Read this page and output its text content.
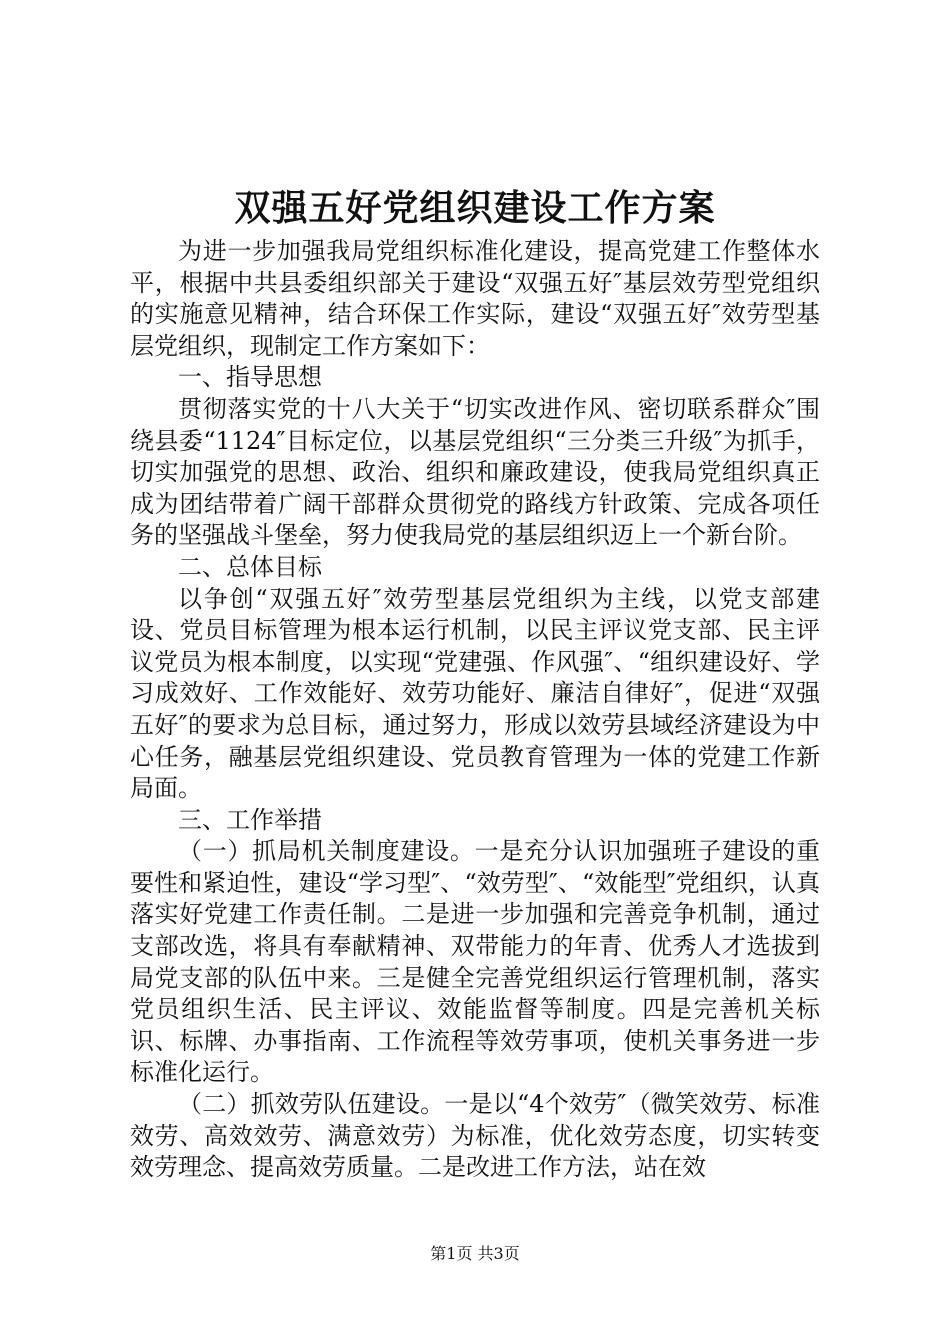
双强五好党组织建设工作方案

为进一步加强我局党组织标准化建设，提高党建工作整体水平，根据中共县委组织部关于建设“双强五好″基层效劳型党组织的实施意见精神，结合环保工作实际，建设“双强五好″效劳型基层党组织，现制定工作方案如下：

一、指导思想

贯彻落实党的十八大关于“切实改进作风、密切联系群众″围绕县委“1124″目标定位，以基层党组织“三分类三升级″为抓手，切实加强党的思想、政治、组织和廉政建设，使我局党组织真正成为团结带着广阔干部群众贯彻党的路线方针政策、完成各项任务的坚强战斗堡垒，努力使我局党的基层组织迈上一个新台阶。

二、总体目标

以争创“双强五好″效劳型基层党组织为主线，以党支部建设、党员目标管理为根本运行机制，以民主评议党支部、民主评议党员为根本制度，以实现“党建强、作风强″、“组织建设好、学习成效好、工作效能好、效劳功能好、廉洁自律好″，促进“双强五好″的要求为总目标，通过努力，形成以效劳县域经济建设为中心任务，融基层党组织建设、党员教育管理为一体的党建工作新局面。

三、工作举措

（一）抓局机关制度建设。一是充分认识加强班子建设的重要性和紧迫性，建设“学习型″、“效劳型″、“效能型″党组织，认真落实好党建工作责任制。二是进一步加强和完善竞争机制，通过支部改选，将具有奉献精神、双带能力的年青、优秀人才选拔到局党支部的队伍中来。三是健全完善党组织运行管理机制，落实党员组织生活、民主评议、效能监督等制度。四是完善机关标识、标牌、办事指南、工作流程等效劳事项，使机关事务进一步标准化运行。

（二）抓效劳队伍建设。一是以“4个效劳″（微笑效劳、标准效劳、高效效劳、满意效劳）为标准，优化效劳态度，切实转变效劳理念、提高效劳质量。二是改进工作方法，站在效

第1页 共3页
